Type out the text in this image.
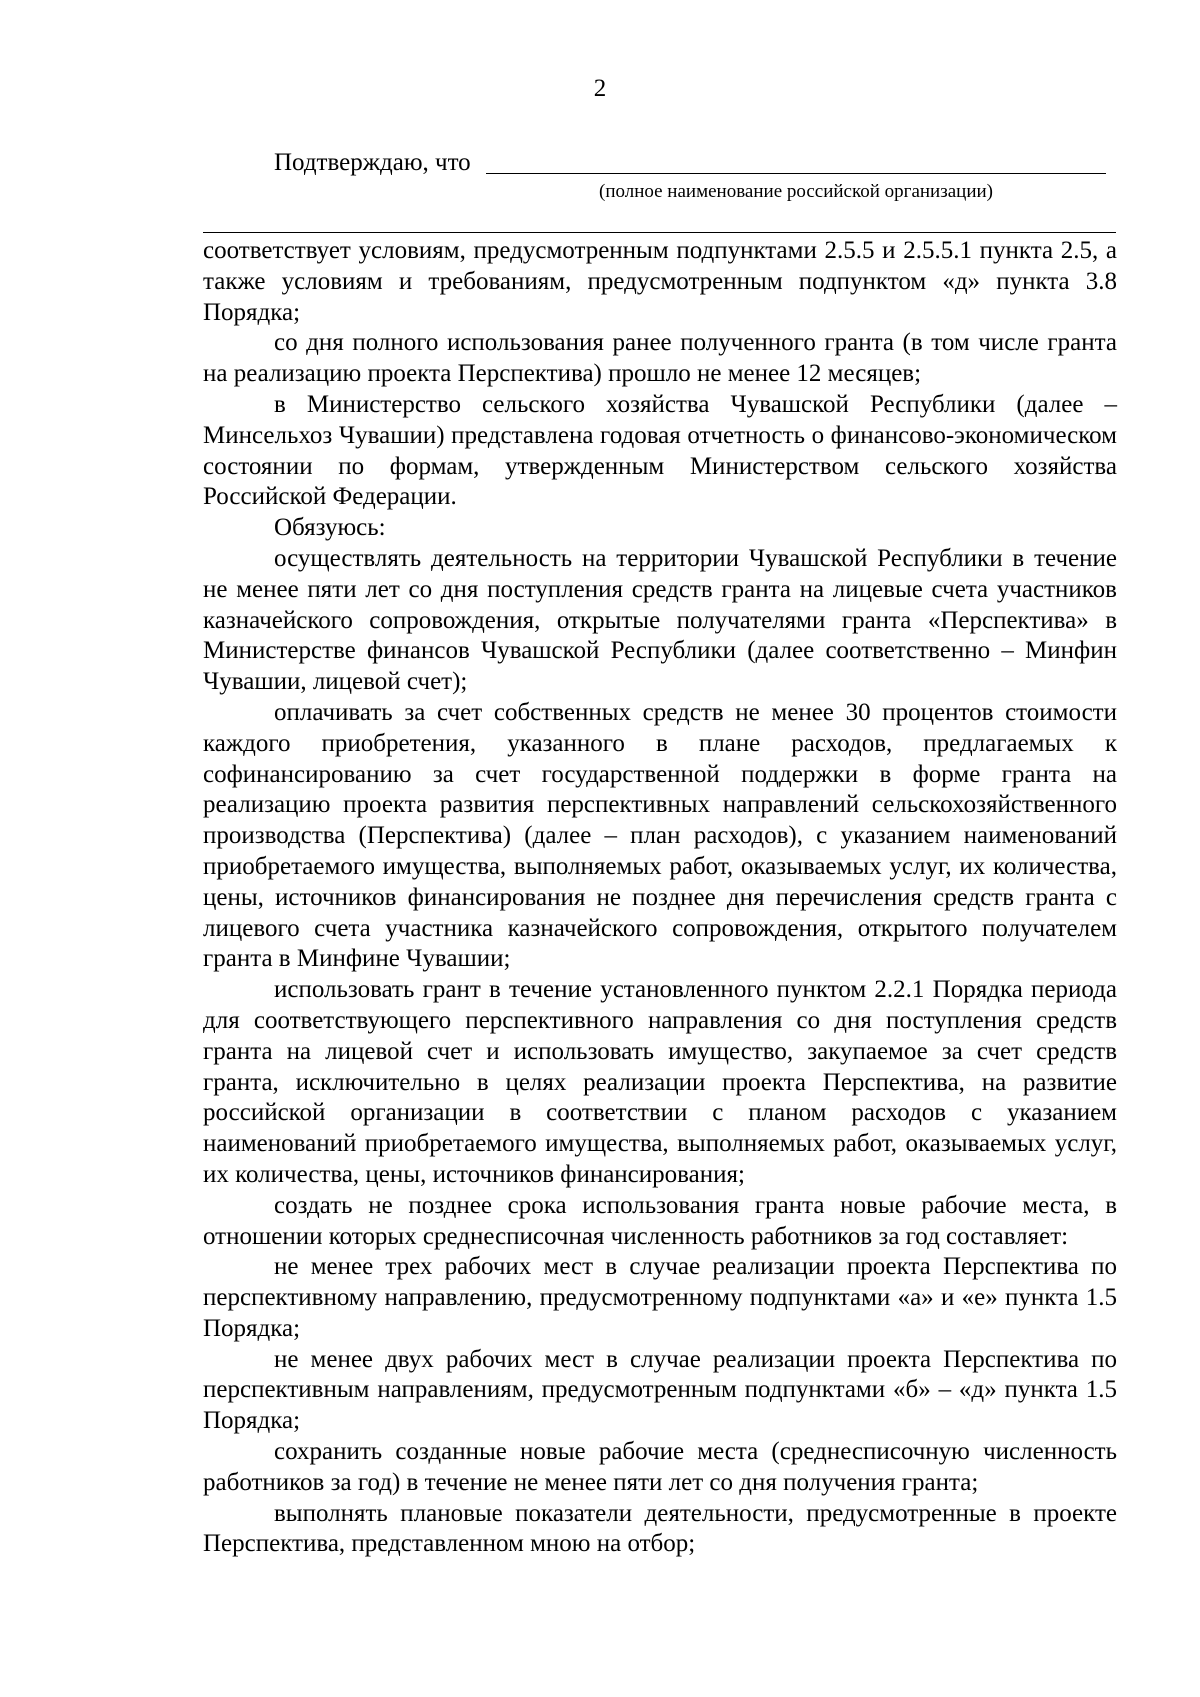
2
Подтверждаю, что
(полное наименование российской организации)

соответствует условиям, предусмотренным подпунктами 2.5.5 и 2.5.5.1 пункта 2.5, а также условиям и требованиям, предусмотренным подпунктом «д» пункта 3.8 Порядка;

со дня полного использования ранее полученного гранта (в том числе гранта на реализацию проекта Перспектива) прошло не менее 12 месяцев;

в Министерство сельского хозяйства Чувашской Республики (далее – Минсельхоз Чувашии) представлена годовая отчетность о финансово-экономическом состоянии по формам, утвержденным Министерством сельского хозяйства Российской Федерации.

Обязуюсь:

осуществлять деятельность на территории Чувашской Республики в течение не менее пяти лет со дня поступления средств гранта на лицевые счета участников казначейского сопровождения, открытые получателями гранта «Перспектива» в Министерстве финансов Чувашской Республики (далее соответственно – Минфин Чувашии, лицевой счет);

оплачивать за счет собственных средств не менее 30 процентов стоимости каждого приобретения, указанного в плане расходов, предлагаемых к софинансированию за счет государственной поддержки в форме гранта на реализацию проекта развития перспективных направлений сельскохозяйственного производства (Перспектива) (далее – план расходов), с указанием наименований приобретаемого имущества, выполняемых работ, оказываемых услуг, их количества, цены, источников финансирования не позднее дня перечисления средств гранта с лицевого счета участника казначейского сопровождения, открытого получателем гранта в Минфине Чувашии;

использовать грант в течение установленного пунктом 2.2.1 Порядка периода для соответствующего перспективного направления со дня поступления средств гранта на лицевой счет и использовать имущество, закупаемое за счет средств гранта, исключительно в целях реализации проекта Перспектива, на развитие российской организации в соответствии с планом расходов с указанием наименований приобретаемого имущества, выполняемых работ, оказываемых услуг, их количества, цены, источников финансирования;

создать не позднее срока использования гранта новые рабочие места, в отношении которых среднесписочная численность работников за год составляет:

не менее трех рабочих мест в случае реализации проекта Перспектива по перспективному направлению, предусмотренному подпунктами «а» и «е» пункта 1.5 Порядка;

не менее двух рабочих мест в случае реализации проекта Перспектива по перспективным направлениям, предусмотренным подпунктами «б» – «д» пункта 1.5 Порядка;

сохранить созданные новые рабочие места (среднесписочную численность работников за год) в течение не менее пяти лет со дня получения гранта;

выполнять плановые показатели деятельности, предусмотренные в проекте Перспектива, представленном мною на отбор;
